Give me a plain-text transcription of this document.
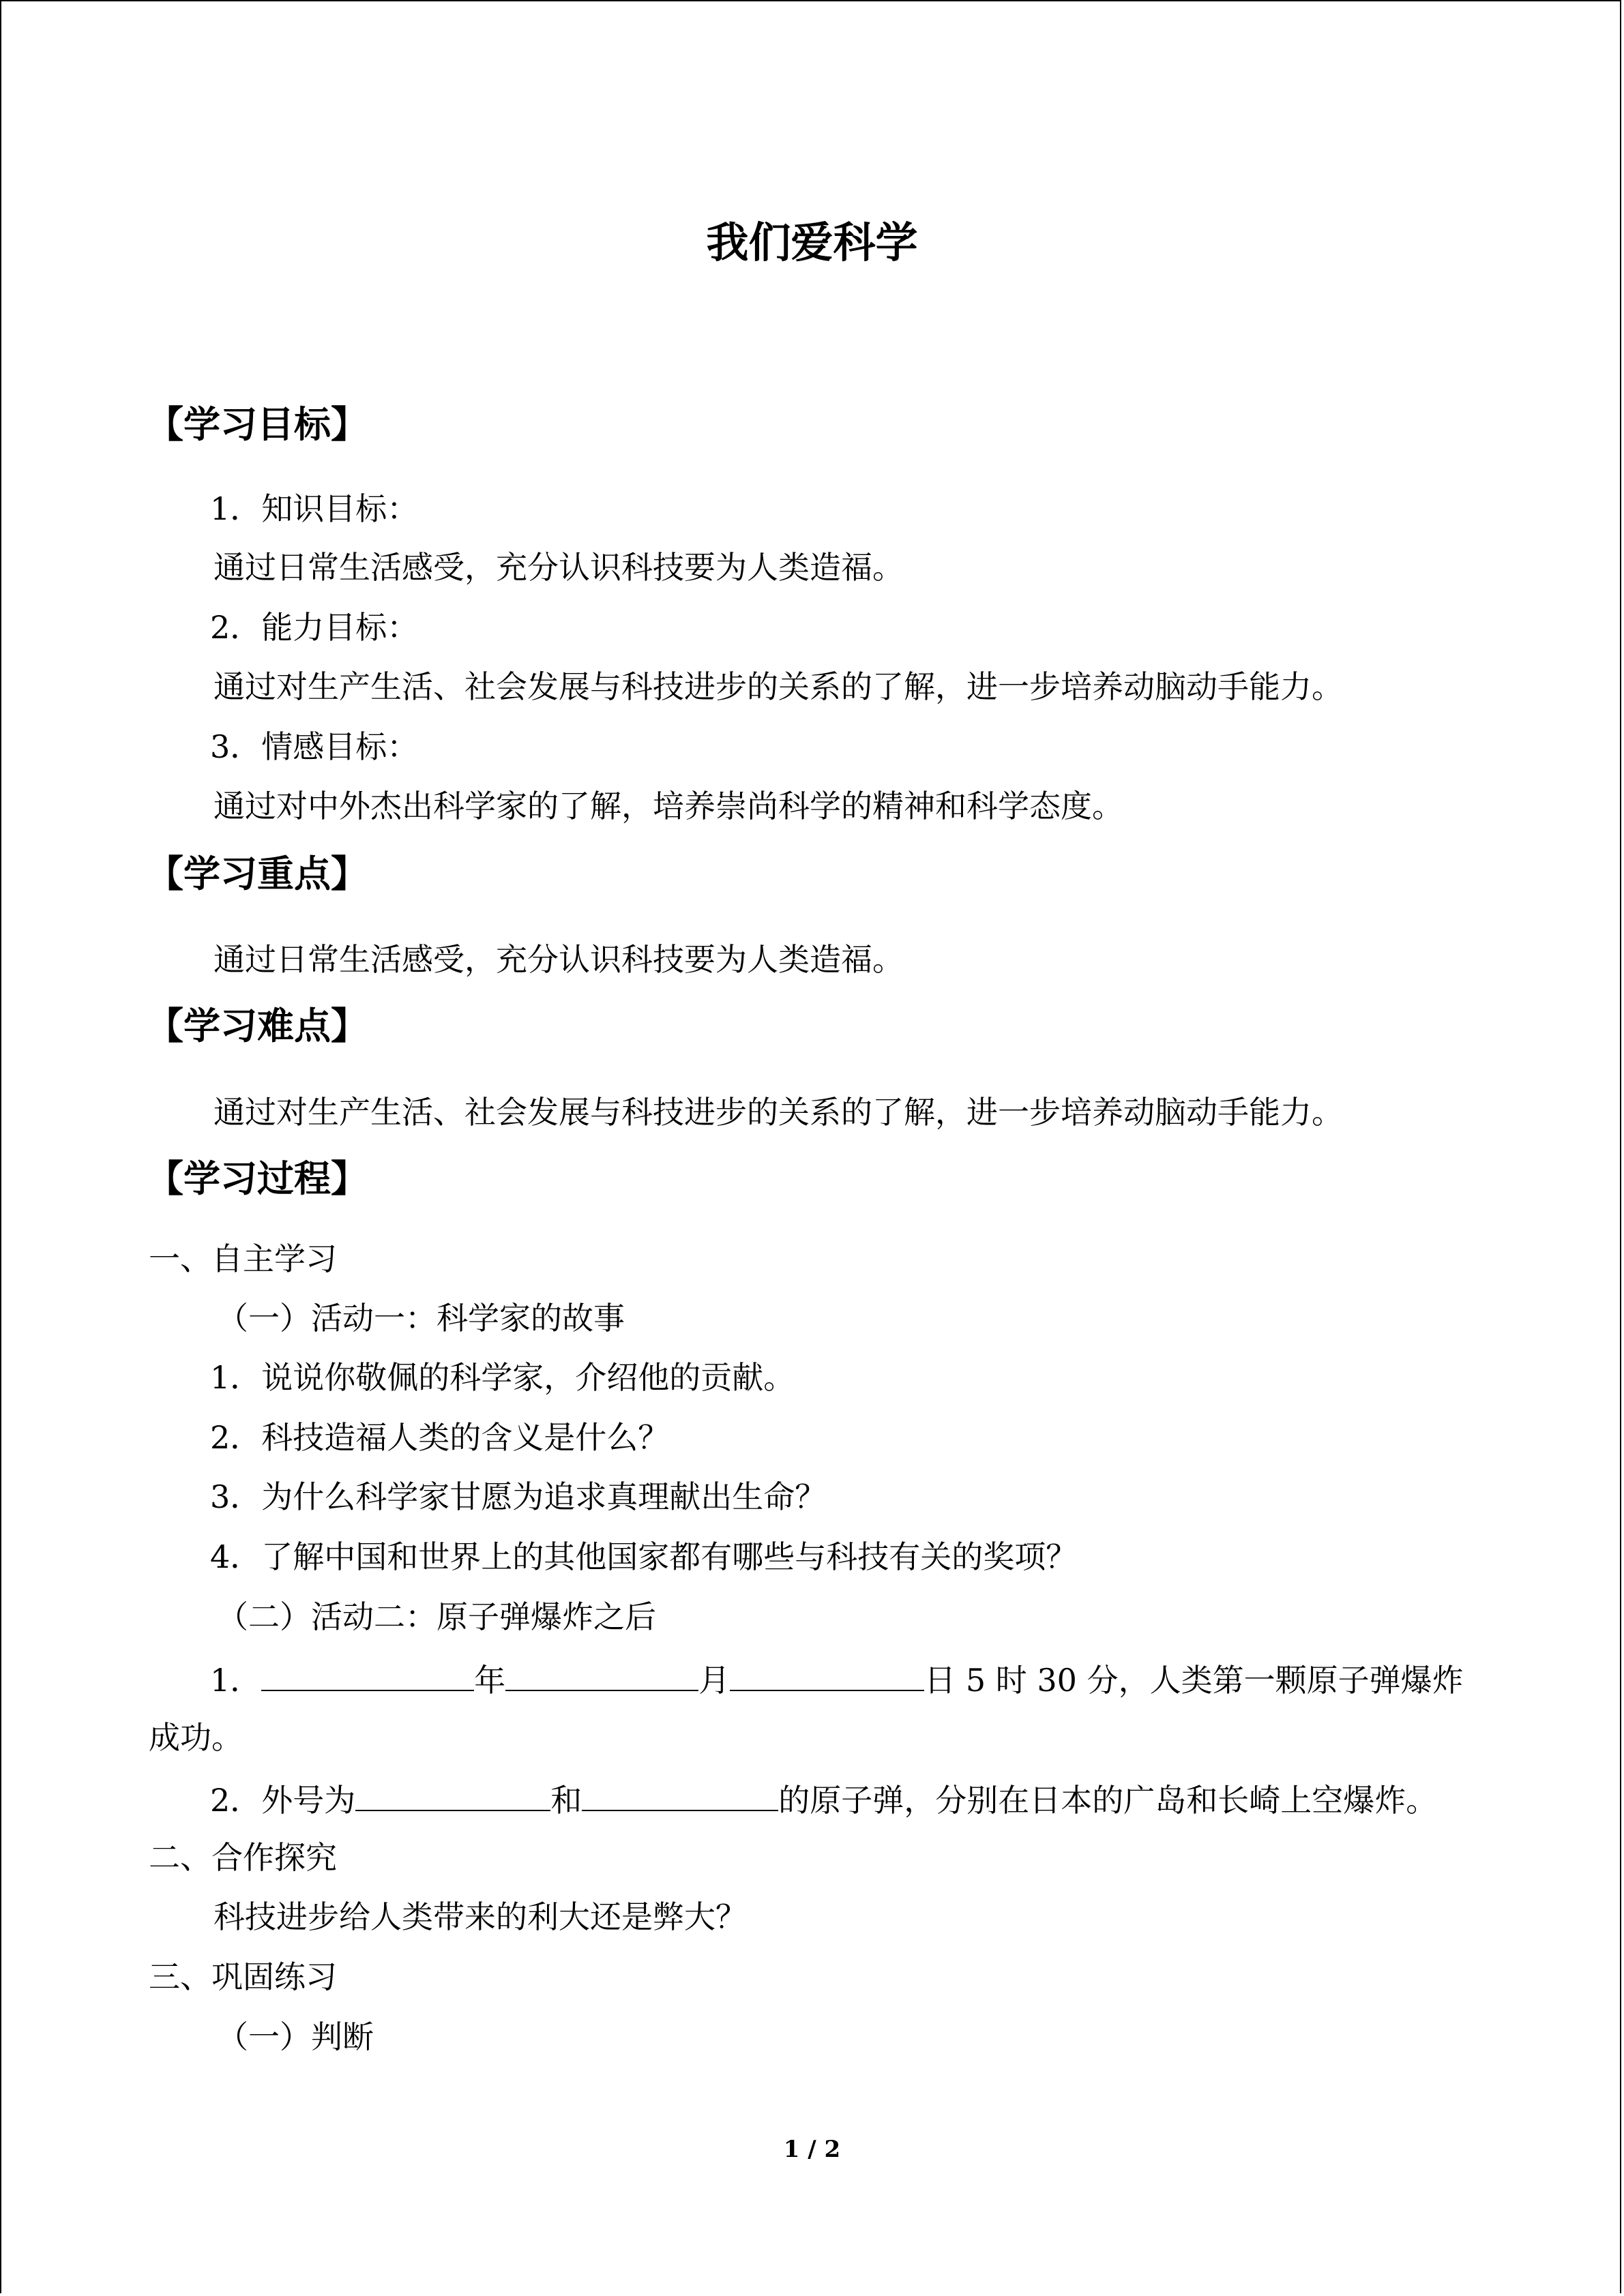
我们爱科学
【学习目标】
1．知识目标：
通过日常生活感受，充分认识科技要为人类造福。
2．能力目标：
通过对生产生活、社会发展与科技进步的关系的了解，进一步培养动脑动手能力。
3．情感目标：
通过对中外杰出科学家的了解，培养崇尚科学的精神和科学态度。
【学习重点】
通过日常生活感受，充分认识科技要为人类造福。
【学习难点】
通过对生产生活、社会发展与科技进步的关系的了解，进一步培养动脑动手能力。
【学习过程】
一、自主学习
（一）活动一：科学家的故事
1．说说你敬佩的科学家，介绍他的贡献。
2．科技造福人类的含义是什么？
3．为什么科学家甘愿为追求真理献出生命？
4．了解中国和世界上的其他国家都有哪些与科技有关的奖项？
（二）活动二：原子弹爆炸之后
1．	年	月	日 5 时 30 分，人类第一颗原子弹爆炸
成功。
2．外号为	和	的原子弹，分别在日本的广岛和长崎上空爆炸。
二、合作探究
科技进步给人类带来的利大还是弊大？
三、巩固练习
（一）判断
1 / 2
